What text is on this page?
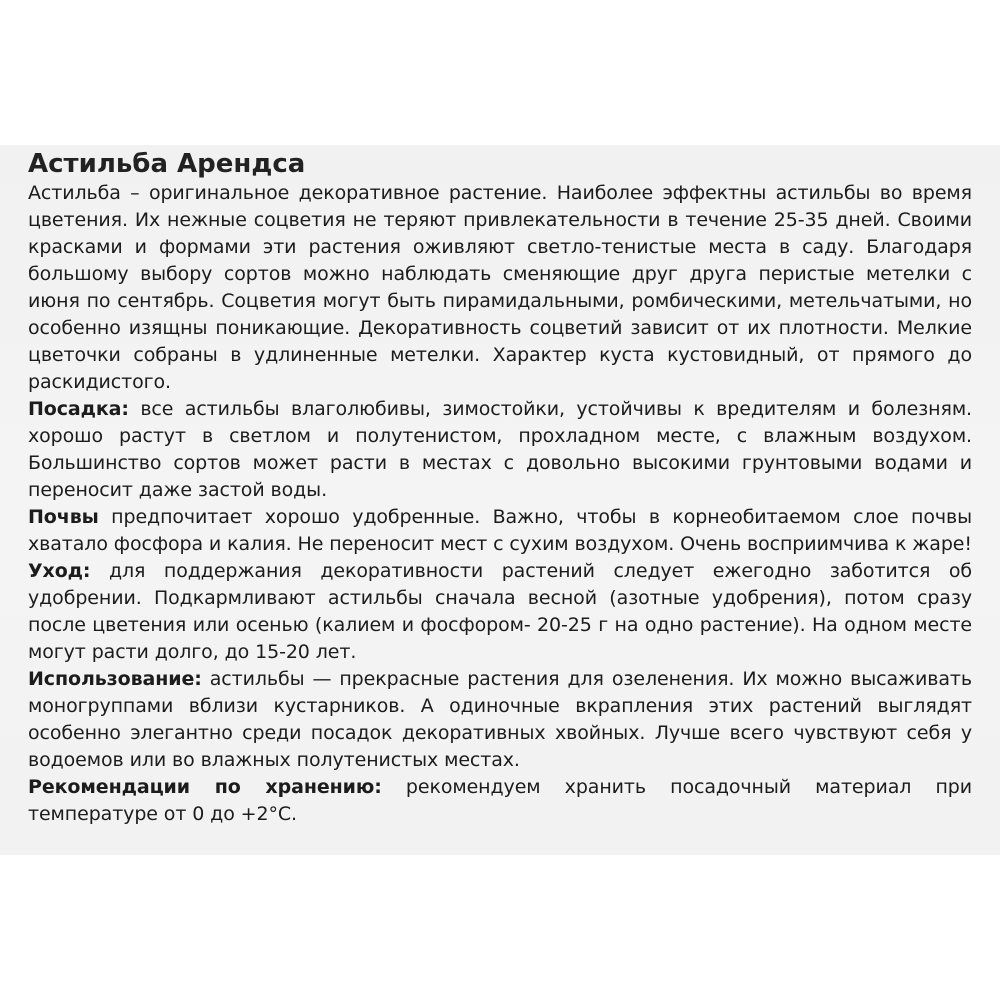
Астильба Арендса

Астильба – оригинальное декоративное растение. Наиболее эффектны астильбы во время цветения. Их нежные соцветия не теряют привлекательности в течение 25-35 дней. Своими красками и формами эти растения оживляют светло-тенистые места в саду. Благодаря большому выбору сортов можно наблюдать сменяющие друг друга перистые метелки с июня по сентябрь. Соцветия могут быть пирамидальными, ромбическими, метельчатыми, но особенно изящны поникающие. Декоративность соцветий зависит от их плотности. Мелкие цветочки собраны в удлиненные метелки. Характер куста кустовидный, от прямого до раскидистого.

Посадка: все астильбы влаголюбивы, зимостойки, устойчивы к вредителям и болезням. хорошо растут в светлом и полутенистом, прохладном месте, с влажным воздухом. Большинство сортов может расти в местах с довольно высокими грунтовыми водами и переносит даже застой воды.

Почвы предпочитает хорошо удобренные. Важно, чтобы в корнеобитаемом слое почвы хватало фосфора и калия. Не переносит мест с сухим воздухом. Очень восприимчива к жаре!

Уход: для поддержания декоративности растений следует ежегодно заботится об удобрении. Подкармливают астильбы сначала весной (азотные удобрения), потом сразу после цветения или осенью (калием и фосфором- 20-25 г на одно растение). На одном месте могут расти долго, до 15-20 лет.

Использование: астильбы — прекрасные растения для озеленения. Их можно высаживать моногруппами вблизи кустарников. А одиночные вкрапления этих растений выглядят особенно элегантно среди посадок декоративных хвойных. Лучше всего чувствуют себя у водоемов или во влажных полутенистых местах.

Рекомендации по хранению: рекомендуем хранить посадочный материал при температуре от 0 до +2°С.
